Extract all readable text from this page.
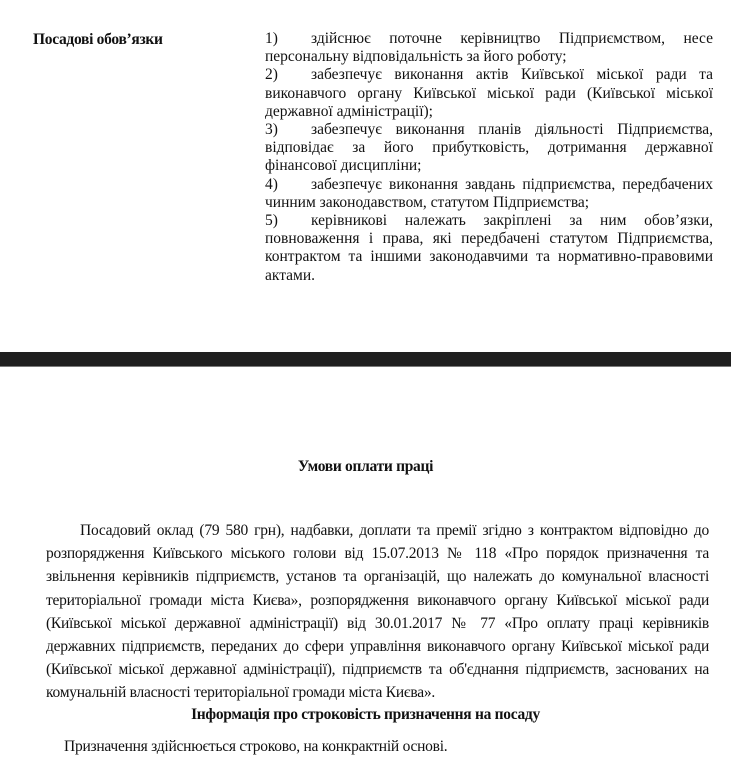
Посадові обов’язки	1) здійснює поточне керівництво Підприємством, несе персональну відповідальність за його роботу;
2) забезпечує виконання актів Київської міської ради та виконавчого органу Київської міської ради (Київської міської державної адміністрації);
3) забезпечує виконання планів діяльності Підприємства, відповідає за його прибутковість, дотримання державної фінансової дисципліни;
4) забезпечує виконання завдань підприємства, передбачених чинним законодавством, статутом Підприємства;
5) керівникові належать закріплені за ним обов’язки, повноваження і права, які передбачені статутом Підприємства, контрактом та іншими законодавчими та нормативно-правовими актами.
Умови оплати праці

Посадовий оклад (79 580 грн), надбавки, доплати та премії згідно з контрактом відповідно до розпорядження Київського міського голови від 15.07.2013 № 118 «Про порядок призначення та звільнення керівників підприємств, установ та організацій, що належать до комунальної власності територіальної громади міста Києва», розпорядження виконавчого органу Київської міської ради (Київської міської державної адміністрації) від 30.01.2017 № 77 «Про оплату праці керівників державних підприємств, переданих до сфери управління виконавчого органу Київської міської ради (Київської міської державної адміністрації), підприємств та об'єднання підприємств, заснованих на комунальній власності територіальної громади міста Києва».

Інформація про строковість призначення на посаду

Призначення здійснюється строково, на конкрактній основі.
